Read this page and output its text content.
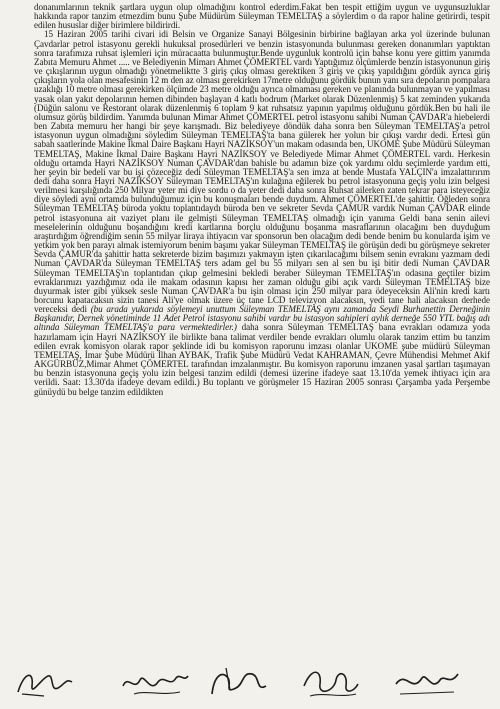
donanımlarının teknik şartlara uygun olup olmadığını kontrol ederdim.Fakat ben tespit ettiğim uygun ve uygunsuzluklar hakkında rapor tanzim etmezdim bunu Şube Müdürüm Süleyman TEMELTAŞ a söylerdim o da rapor haline getirirdi, tespit edilen hususlar diğer birimlere bildirirdi.

15 Haziran 2005 tarihi civari idi Belsin ve Organize Sanayi Bölgesinin birbirine bağlayan arka yol üzerinde bulunan Çavdarlar petrol istasyonu gerekli hukuksal prosedürleri ve benzin istasyonunda bulunması gereken donanımları yaptıktan sonra tarafımıza ruhsat işlemleri için müracaatta bulunmuştur.Bende uygunluk kontrolü için bahse konu yere gittim yanımda Zabıta Memuru Ahmet ..... ve Belediyenin Mimarı Ahmet ÇÖMERTEL vardı Yaptığımız ölçümlerde benzin istasyonunun giriş ve çıkışlarının uygun olmadığı yönetmeliktte 3 giriş çıkış olması gerektiken 3 giriş ve çıkış yapıldığını gördük ayrıca giriş çıkışların yola olan mesafesinin 12 m den az olması gerekirken 17metre olduğunu gördük bunun yanı sıra depoların pompalara uzaklığı 10 metre olması gerekirken ölçümde 23 metre olduğu ayrıca olmaması gereken ve planında bulunmayan ve yapılması yasak olan yakıt depolarının hemen dibinden başlayan 4 katlı bodrum (Market olarak Düzenlenmiş) 5 kat zeminden yukarıda (Düğün salonu ve Restorant olarak düzenlenmiş 6 toplam 9 kat ruhsatsız yapının yapılmış olduğunu gördük.Ben bu hali ile olumsuz görüş bildirdim. Yanımda bulunan Mimar Ahmet ÇÖMERTEL petrol istasyonu sahibi Numan ÇAVDAR'a hiebelerdi ben Zabıta memuru her hangi bir şeye karışmadı. Biz belediyeye döndük daha sonra ben Süleyman TEMELTAŞ'a petrol istasyonun uygun olmadığını söyledim Süleyman TEMELTAŞ'ta bana gülerek her yolun bir çıkışı vardır dedi. Ertesi gün sabah saatlerinde Makine İkmal Daire Başkanı Hayri NAZİKSOY'un makam odasında ben, UKOME Şube Müdürü Süleyman TEMELTAŞ, Makine İkmal Daire Başkanı Hayri NAZİKSOY ve Belediyede Mimar Ahmet ÇÖMERTEL vardı. Herkesin olduğu ortamda Hayri NAZİKSOY Numan ÇAVDAR'dan bahisle bu adamın bize çok yardımı oldu seçimlerde yardım etti, her şeyin bir bedeli var bu işi çözeceğiz dedi Süleyman TEMELTAŞ'a sen imza at bende Mustafa YALÇIN'a imzalattırırım dedi daha sonra Hayri NAZİKSOY Süleyman TEMELTAŞ'ın kulağına eğilerek bu petrol istasyonuna geçiş yolu izin belgesi verilmesi karşılığında 250 Milyar yeter mi diye sordu o da yeter dedi daha sonra Ruhsat ailerken zaten tekrar para isteyeceğiz diye söyledi ayni ortamda bulunduğumuz için bu konuşmaları bende duydum. Ahmet ÇÖMERTEL'de şahittir. Öğleden sonra Süleyman TEMELTAŞ büroda yoktu toplantıdaydı büroda ben ve sekreter Sevda ÇAMUR vardık Numan ÇAVDAR elinde petrol istasyonuna ait vaziyet planı ile gelmişti Süleyman TEMELTAŞ olmadığı için yanıma Geldi bana senin ailevi meselelerinin olduğunu boşandığını kredi kartlarına borçlu olduğunu boşanma masraflarının olacağını ben duyduğum araştırdığım öğrendiğim senin 55 milyar liraya ihtiyacın var sponsorun ben olacağım dedi bende benim bu konularda işim ve yetkim yok ben parayı almak istemiyorum benim başımı yakar Süleyman TEMELTAŞ ile görüşün dedi bu görüşmeye sekreter Sevda ÇAMUR'da şahittir hatta sekreterde bizim başımızı yakmayın işten çıkarılacağımı bilsem senin evrakını yazmam dedi Numan ÇAVDAR'da Süleyman TEMELTAŞ ters adam gel bu 55 milyarı sen al sen bu işi bitir dedi Numan ÇAVDAR Süleyman TEMELTAŞ'ın toplantıdan çıkıp gelmesini bekledi beraber Süleyman TEMELTAŞ'ın odasına geçtiler bizim evraklarımızı yazdığımız oda ile makam odasının kapısı her zaman olduğu gibi açık vardı Süleyman TEMELTAŞ bize duyurmak ister gibi yüksek sesle Numan ÇAVDAR'a bu işin olması için 250 milyar para ödeyeceksin Ali'nin kredi kartı borcunu kapatacaksın sizin tanesi Ali'ye olmak üzere üç tane LCD televizyon alacaksın, yedi tane hali alacaksın derhede vereceksi dedi (bu arada yukarıda söylemeyi unuttum Süleyman TEMELTAŞ aynı zamanda Seydi Burhanettin Derneğinin Başkanıdır, Dernek yönetiminde 11 Adet Petrol istasyonu sahibi vardır bu istasyon sahipleri aylık derneğe 550 YTL bağış adı altında Süleyman TEMELTAŞ'a para vermektedirler.) daha sonra Süleyman TEMELTAŞ bana evrakları odamıza yoda hazırlamam için Hayri NAZİKSOY ile birlikte bana talimat verdiler bende evrakları olumlu olarak tanzim ettim bu tanzim edilen evrak komisyon olarak rapor şeklinde idi bu komisyon raporunu imzası olanlar UKOME şube müdürü Süleyman TEMELTAŞ, İmar Şube Müdürü İlhan AYBAK, Trafik Şube Müdürü Vedat KAHRAMAN, Çevre Mühendisi Mehmet Akif AKGÜRBÜZ,Mimar Ahmet ÇÖMERTEL tarafından imzalanmıştır. Bu komisyon raporunu imzanen yasal şartları taşımayan bu benzin istasyonuna geçiş yolu izin belgesi tanzim edildi (demesi üzerine ifadeye saat 13.10'da yemek ihtiyacı için ara verildi. Saat: 13.30'da ifadeye devam edildi.) Bu toplantı ve görüşmeler 15 Haziran 2005 sonrası Çarşamba yada Perşembe günüydü bu belge tanzim edildikten
